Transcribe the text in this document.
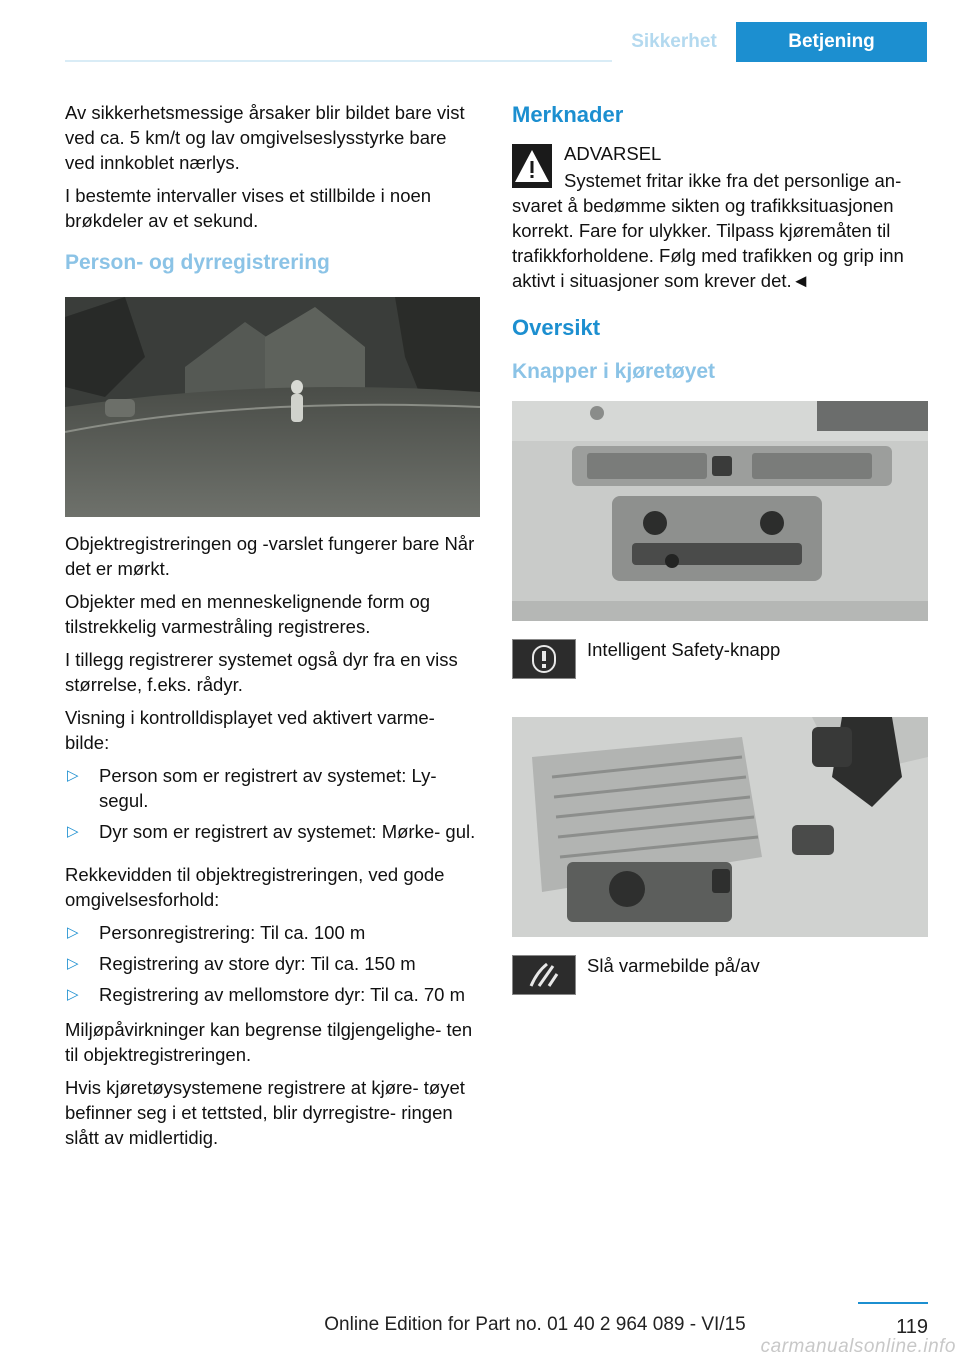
Sikkerhet	Betjening

Av sikkerhetsmessige årsaker blir bildet bare vist ved ca. 5 km/t og lav omgivelseslysstyrke bare ved innkoblet nærlys.

I bestemte intervaller vises et stillbilde i noen brøkdeler av et sekund.

Person- og dyrregistrering

Objektregistreringen og -varslet fungerer bare Når det er mørkt.

Objekter med en menneskelignende form og tilstrekkelig varmestråling registreres.

I tillegg registrerer systemet også dyr fra en viss størrelse, f.eks. rådyr.

Visning i kontrolldisplayet ved aktivert varme- bilde:

▷ Person som er registrert av systemet: Ly- segul.
▷ Dyr som er registrert av systemet: Mørke- gul.

Rekkevidden til objektregistreringen, ved gode omgivelsesforhold:

▷ Personregistrering: Til ca. 100 m
▷ Registrering av store dyr: Til ca. 150 m
▷ Registrering av mellomstore dyr: Til ca. 70 m

Miljøpåvirkninger kan begrense tilgjengelighe- ten til objektregistreringen.

Hvis kjøretøysystemene registrere at kjøre- tøyet befinner seg i et tettsted, blir dyrregistre- ringen slått av midlertidig.

Merknader
ADVARSEL
Systemet fritar ikke fra det personlige an-

svaret å bedømme sikten og trafikksituasjonen korrekt. Fare for ulykker. Tilpass kjøremåten til trafikkforholdene. Følg med trafikken og grip inn aktivt i situasjoner som krever det.◄

Oversikt
Knapper i kjøretøyet
Intelligent Safety-knapp
Slå varmebilde på/av
119
Online Edition for Part no. 01 40 2 964 089 - VI/15
carmanualsonline.info
